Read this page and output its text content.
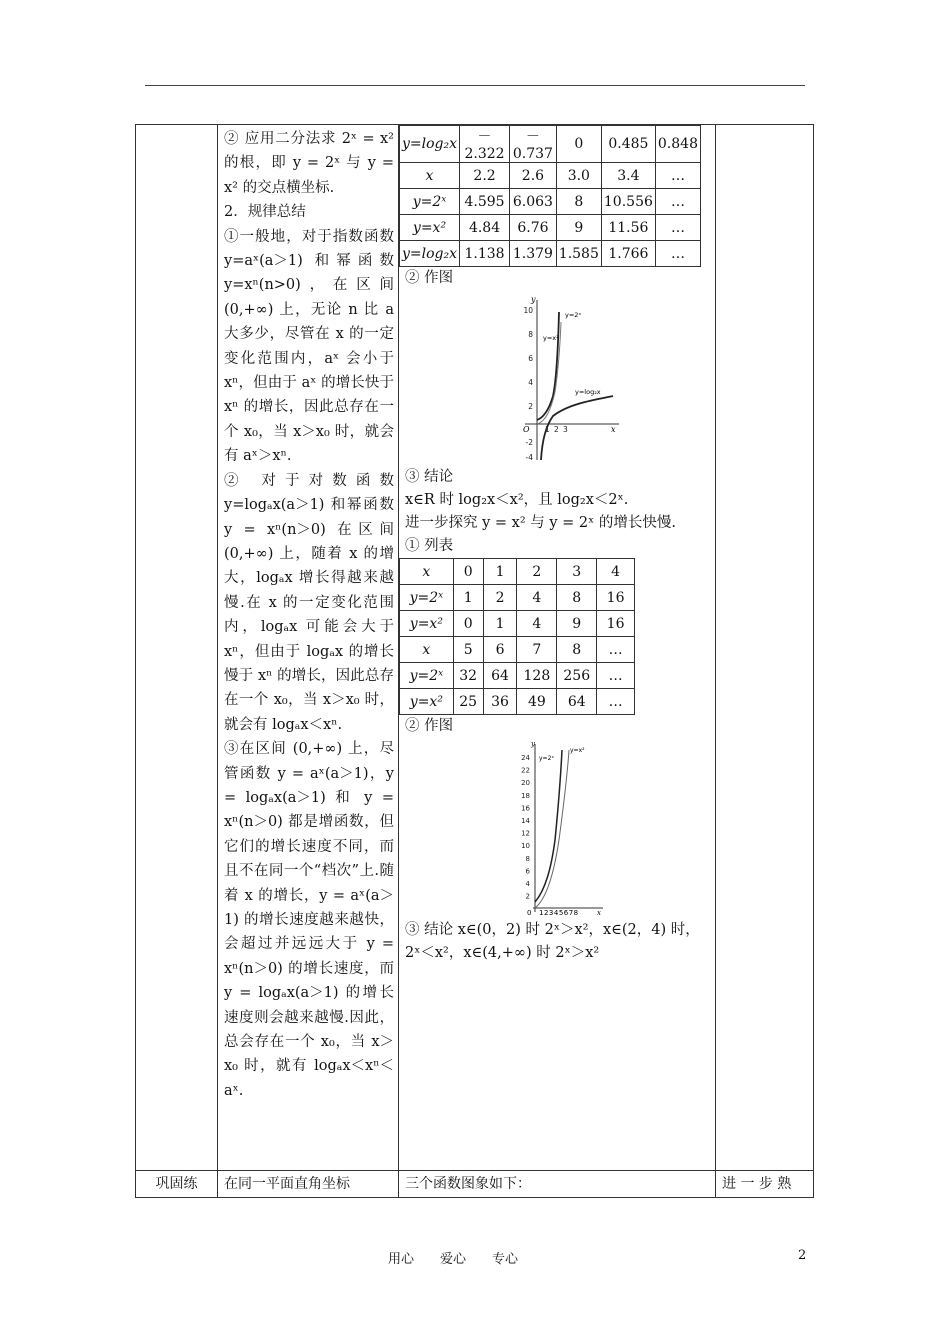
② 应用二分法求 2ˣ = x² 的根，即 y = 2ˣ 与 y = x² 的交点横坐标.

2．规律总结

①一般地，对于指数函数 y=aˣ(a＞1) 和幂函数 y=xⁿ(n>0)，在区间 (0,+∞) 上，无论 n 比 a 大多少，尽管在 x 的一定变化范围内，aˣ 会小于 xⁿ，但由于 aˣ 的增长快于 xⁿ 的增长，因此总存在一个 x₀，当 x＞x₀ 时，就会有 aˣ＞xⁿ.

② 对于对数函数 y=logₐx(a＞1) 和幂函数 y = xⁿ(n＞0) 在区间 (0,+∞) 上，随着 x 的增大，logₐx 增长得越来越慢.在 x 的一定变化范围内，logₐx 可能会大于 xⁿ，但由于 logₐx 的增长慢于 xⁿ 的增长，因此总存在一个 x₀，当 x＞x₀ 时，就会有 logₐx＜xⁿ.

③在区间 (0,+∞) 上，尽管函数 y = aˣ(a＞1)，y = logₐx(a＞1) 和 y = xⁿ(n＞0) 都是增函数，但它们的增长速度不同，而且不在同一个“档次”上.随着 x 的增长，y = aˣ(a＞1) 的增长速度越来越快，会超过并远远大于 y = xⁿ(n＞0) 的增长速度，而 y = logₐx(a＞1) 的增长速度则会越来越慢.因此，总会存在一个 x₀，当 x＞x₀ 时，就有 logₐx＜xⁿ＜aˣ.

y=log₂x	－2.322	－0.737	0	0.485	0.848
x	2.2	2.6	3.0	3.4	…
y=2ˣ	4.595	6.063	8	10.556	…
y=x²	4.84	6.76	9	11.56	…
y=log₂x	1.138	1.379	1.585	1.766	…

② 作图

10
8
6
4
2
-2
-4
1 2 3
O	x
y
y=2ˣ
y=x²
y=log₂x

③ 结论

x∈R 时 log₂x＜x²，且 log₂x＜2ˣ.

进一步探究 y = x² 与 y = 2ˣ 的增长快慢.

① 列表

x	0	1	2	3	4
y=2ˣ	1	2	4	8	16
y=x²	0	1	4	9	16
x	5	6	7	8	…
y=2ˣ	32	64	128	256	…
y=x²	25	36	49	64	…

② 作图

24
22
20
18
16
14
12
10
8
6
4
2
0 12345678	x
y
y=2ˣ
y=x²

③ 结论 x∈(0，2) 时 2ˣ＞x²，x∈(2，4) 时，2ˣ＜x²，x∈(4,+∞) 时 2ˣ＞x²

巩固练	在同一平面直角坐标	三个函数图象如下：	进 一 步 熟
用心　　爱心　　专心	2
